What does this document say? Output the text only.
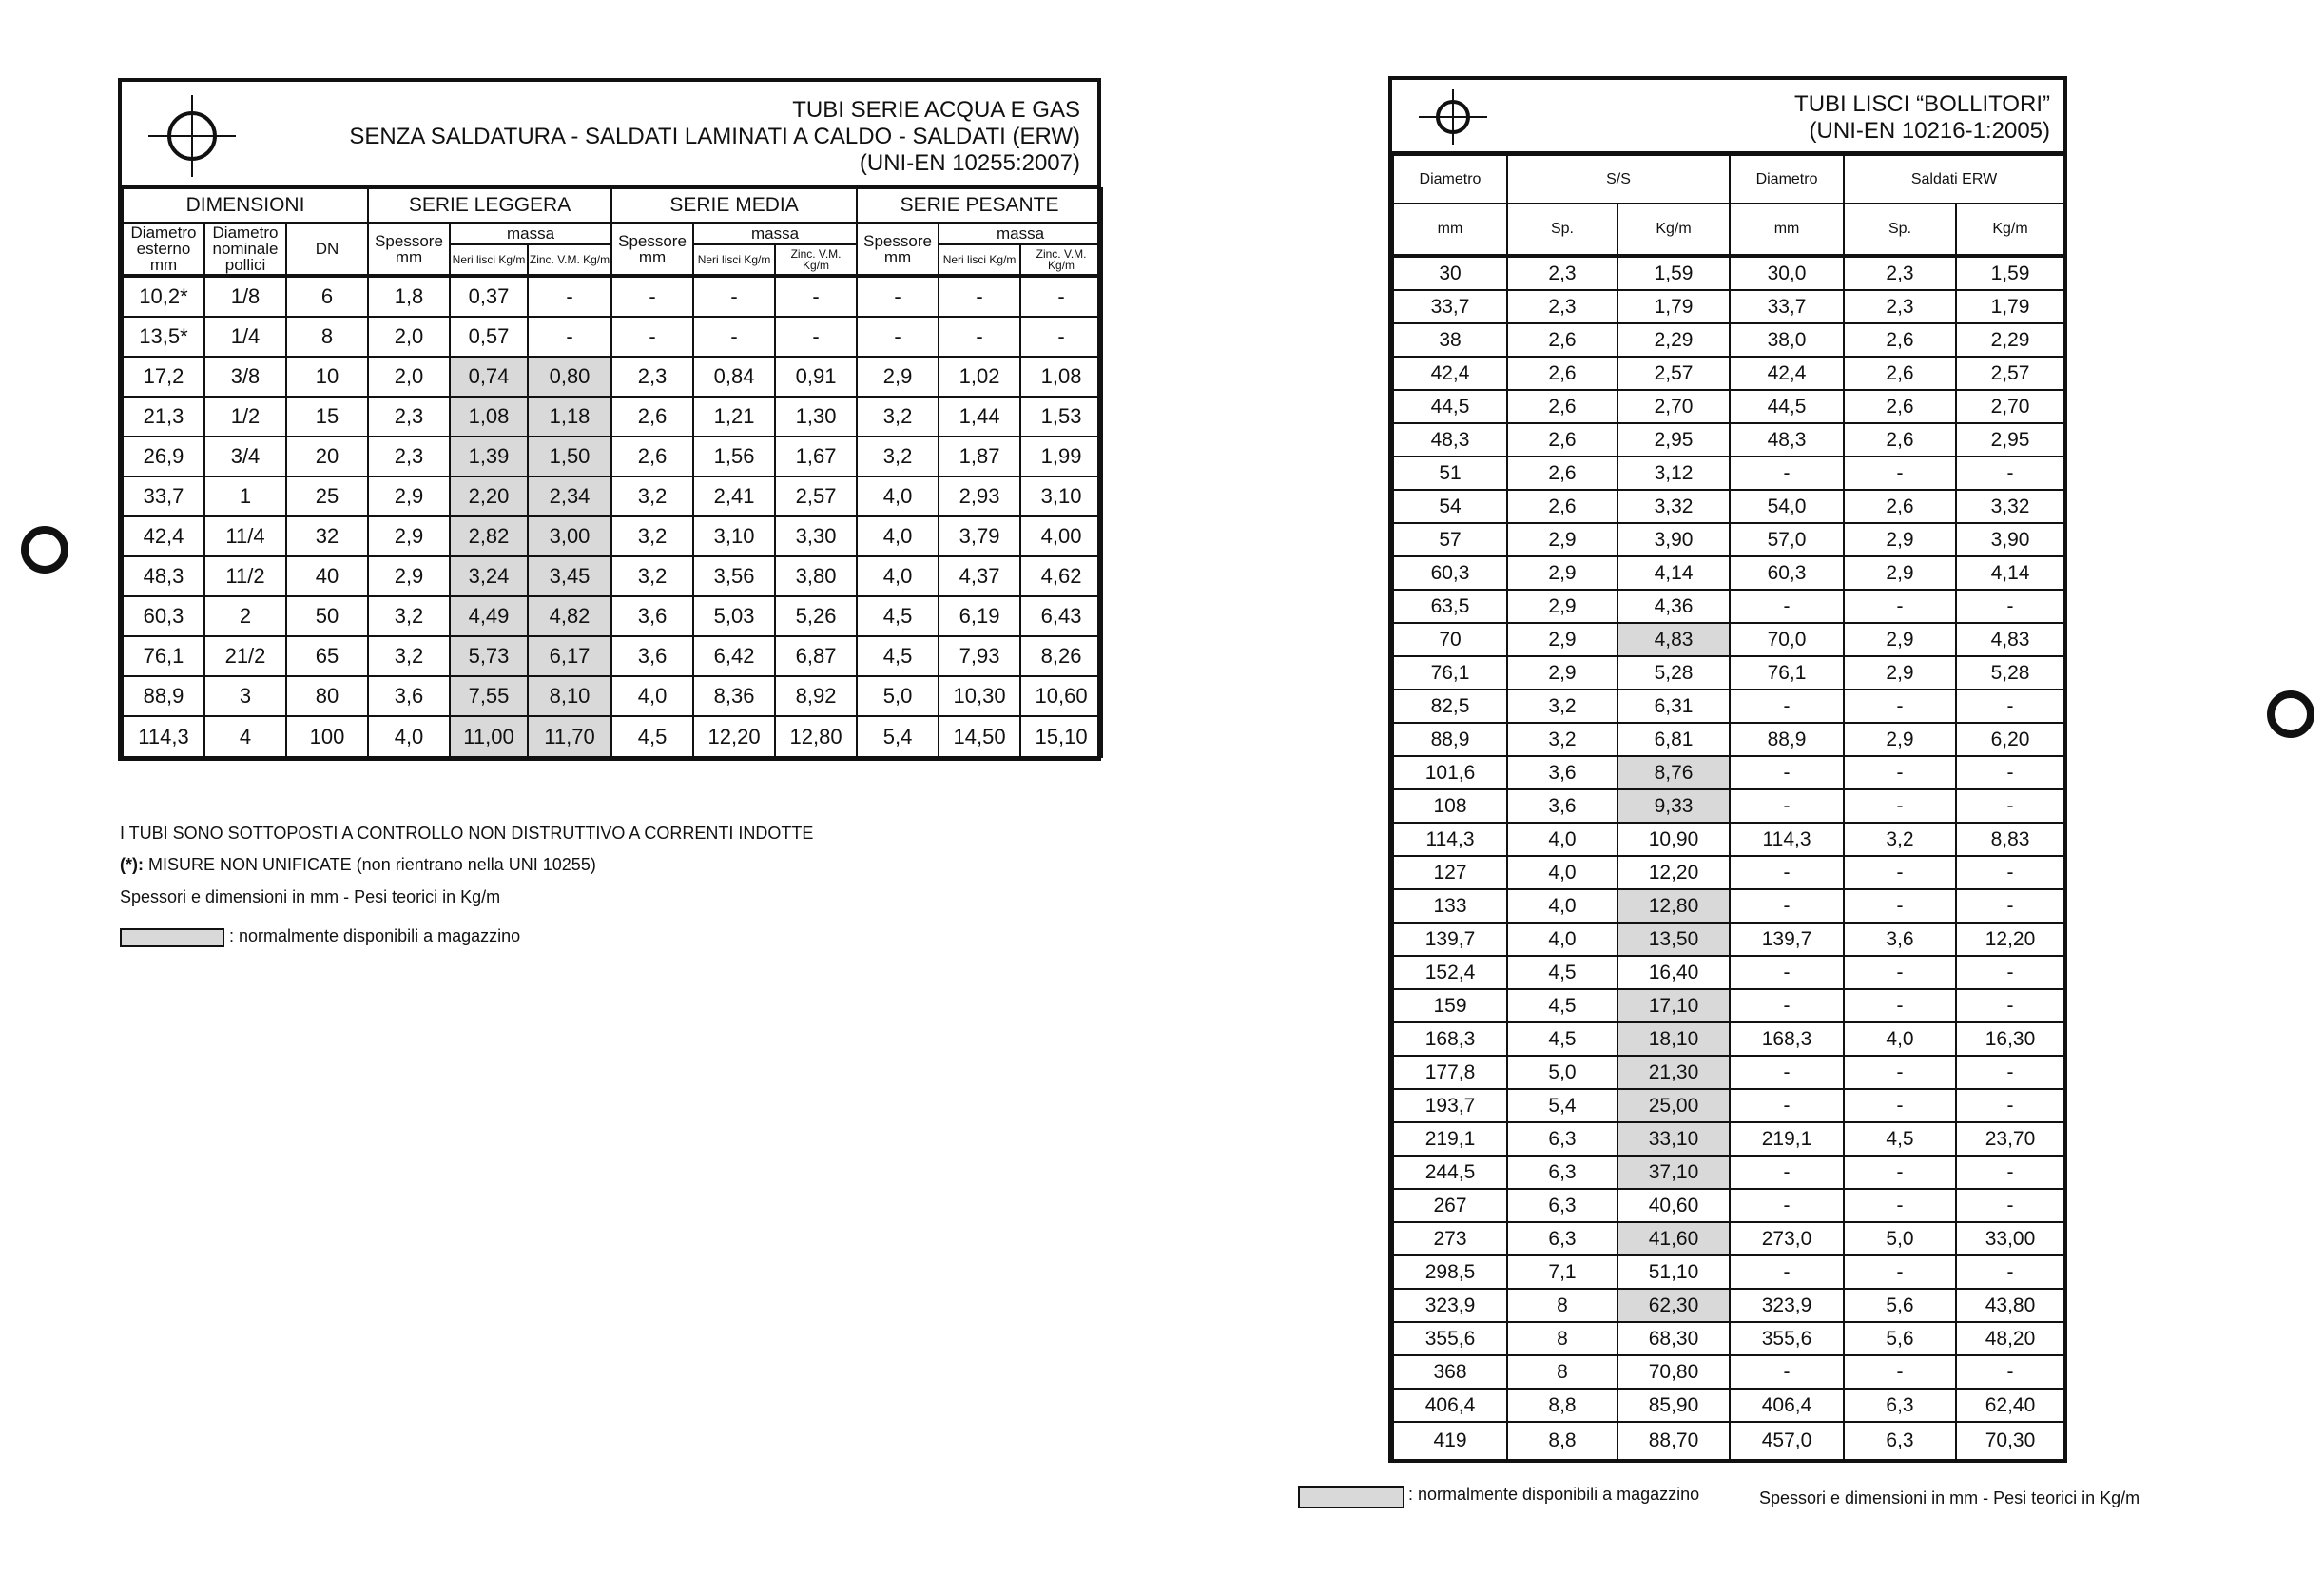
TUBI SERIE ACQUA E GAS
SENZA SALDATURA - SALDATI LAMINATI A CALDO - SALDATI (ERW)
(UNI-EN 10255:2007)
DIMENSIONI			SERIE LEGGERA			SERIE MEDIA			SERIE PESANTE		
Diametro esterno mm	Diametro nominale pollici	DN	Spessore mm	massa		Spessore mm	massa		Spessore mm	massa	
				Neri lisci Kg/m	Zinc. V.M. Kg/m		Neri lisci Kg/m	Zinc. V.M. Kg/m		Neri lisci Kg/m	Zinc. V.M. Kg/m
10,2*	1/8	6	1,8	0,37	-	-	-	-	-	-	-
13,5*	1/4	8	2,0	0,57	-	-	-	-	-	-	-
17,2	3/8	10	2,0	0,74	0,80	2,3	0,84	0,91	2,9	1,02	1,08
21,3	1/2	15	2,3	1,08	1,18	2,6	1,21	1,30	3,2	1,44	1,53
26,9	3/4	20	2,3	1,39	1,50	2,6	1,56	1,67	3,2	1,87	1,99
33,7	1	25	2,9	2,20	2,34	3,2	2,41	2,57	4,0	2,93	3,10
42,4	11/4	32	2,9	2,82	3,00	3,2	3,10	3,30	4,0	3,79	4,00
48,3	11/2	40	2,9	3,24	3,45	3,2	3,56	3,80	4,0	4,37	4,62
60,3	2	50	3,2	4,49	4,82	3,6	5,03	5,26	4,5	6,19	6,43
76,1	21/2	65	3,2	5,73	6,17	3,6	6,42	6,87	4,5	7,93	8,26
88,9	3	80	3,6	7,55	8,10	4,0	8,36	8,92	5,0	10,30	10,60
114,3	4	100	4,0	11,00	11,70	4,5	12,20	12,80	5,4	14,50	15,10
I TUBI SONO SOTTOPOSTI A CONTROLLO NON DISTRUTTIVO A CORRENTI INDOTTE
(*): MISURE NON UNIFICATE (non rientrano nella UNI 10255)
Spessori e dimensioni in mm - Pesi teorici in Kg/m
: normalmente disponibili a magazzino
TUBI LISCI “BOLLITORI”
(UNI-EN 10216-1:2005)
Diametro	S/S		Diametro	Saldati ERW	
mm	Sp.	Kg/m	mm	Sp.	Kg/m
30	2,3	1,59	30,0	2,3	1,59
33,7	2,3	1,79	33,7	2,3	1,79
38	2,6	2,29	38,0	2,6	2,29
42,4	2,6	2,57	42,4	2,6	2,57
44,5	2,6	2,70	44,5	2,6	2,70
48,3	2,6	2,95	48,3	2,6	2,95
51	2,6	3,12	-	-	-
54	2,6	3,32	54,0	2,6	3,32
57	2,9	3,90	57,0	2,9	3,90
60,3	2,9	4,14	60,3	2,9	4,14
63,5	2,9	4,36	-	-	-
70	2,9	4,83	70,0	2,9	4,83
76,1	2,9	5,28	76,1	2,9	5,28
82,5	3,2	6,31	-	-	-
88,9	3,2	6,81	88,9	2,9	6,20
101,6	3,6	8,76	-	-	-
108	3,6	9,33	-	-	-
114,3	4,0	10,90	114,3	3,2	8,83
127	4,0	12,20	-	-	-
133	4,0	12,80	-	-	-
139,7	4,0	13,50	139,7	3,6	12,20
152,4	4,5	16,40	-	-	-
159	4,5	17,10	-	-	-
168,3	4,5	18,10	168,3	4,0	16,30
177,8	5,0	21,30	-	-	-
193,7	5,4	25,00	-	-	-
219,1	6,3	33,10	219,1	4,5	23,70
244,5	6,3	37,10	-	-	-
267	6,3	40,60	-	-	-
273	6,3	41,60	273,0	5,0	33,00
298,5	7,1	51,10	-	-	-
323,9	8	62,30	323,9	5,6	43,80
355,6	8	68,30	355,6	5,6	48,20
368	8	70,80	-	-	-
406,4	8,8	85,90	406,4	6,3	62,40
419	8,8	88,70	457,0	6,3	70,30
: normalmente disponibili a magazzino	Spessori e dimensioni in mm - Pesi teorici in Kg/m
